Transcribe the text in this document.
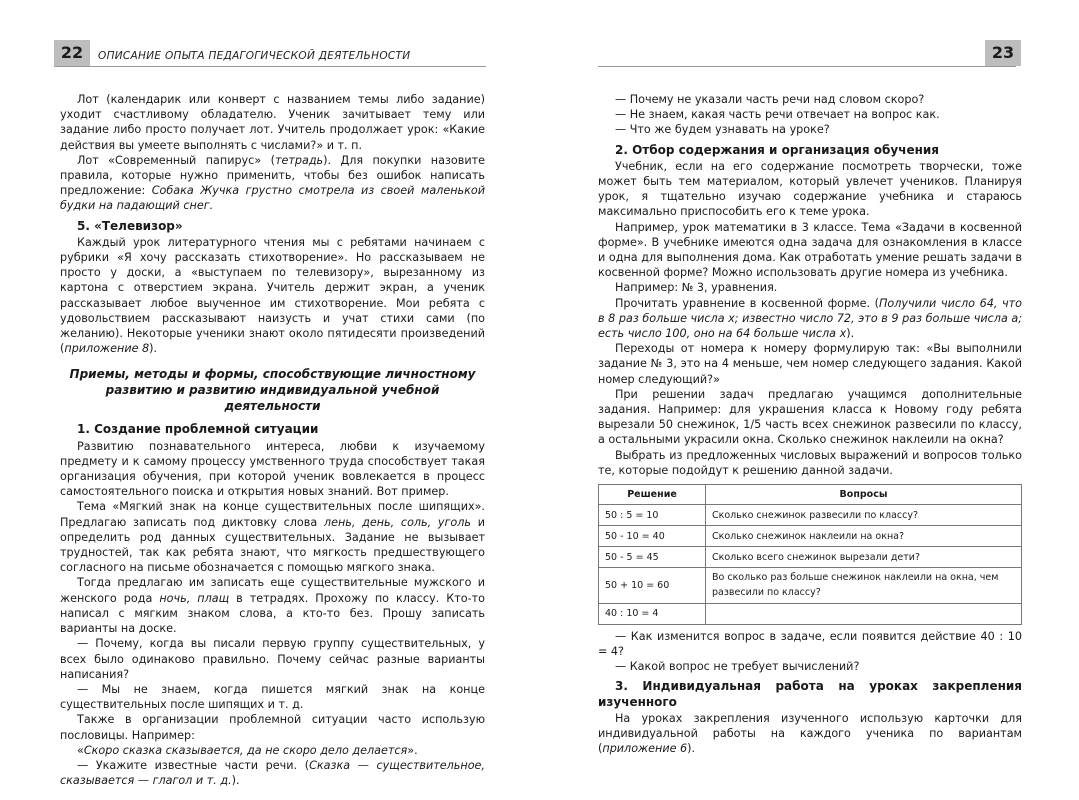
22	ОПИСАНИЕ ОПЫТА ПЕДАГОГИЧЕСКОЙ ДЕЯТЕЛЬНОСТИ

Лот (календарик или конверт с названием темы либо задание) уходит счастливому обладателю. Ученик зачитывает тему или задание либо просто получает лот. Учитель продолжает урок: «Какие действия вы умеете выполнять с числами?» и т. п.

Лот «Современный папирус» (тетрадь). Для покупки назовите правила, которые нужно применить, чтобы без ошибок написать предложение: Собака Жучка грустно смотрела из своей маленькой будки на падающий снег.

5. «Телевизор»

Каждый урок литературного чтения мы с ребятами начинаем с рубрики «Я хочу рассказать стихотворение». Но рассказываем не просто у доски, а «выступаем по телевизору», вырезанному из картона с отверстием экрана. Учитель держит экран, а ученик рассказывает любое выученное им стихотворение. Мои ребята с удовольствием рассказывают наизусть и учат стихи сами (по желанию). Некоторые ученики знают около пятидесяти произведений (приложение 8).

Приемы, методы и формы, способствующие личностному развитию и развитию индивидуальной учебной деятельности
1. Создание проблемной ситуации

Развитию познавательного интереса, любви к изучаемому предмету и к самому процессу умственного труда способствует такая организация обучения, при которой ученик вовлекается в процесс самостоятельного поиска и открытия новых знаний. Вот пример.

Тема «Мягкий знак на конце существительных после шипящих». Предлагаю записать под диктовку слова лень, день, соль, уголь и определить род данных существительных. Задание не вызывает трудностей, так как ребята знают, что мягкость предшествующего согласного на письме обозначается с помощью мягкого знака.

Тогда предлагаю им записать еще существительные мужского и женского рода ночь, плащ в тетрадях. Прохожу по классу. Кто-то написал с мягким знаком слова, а кто-то без. Прошу записать варианты на доске.

— Почему, когда вы писали первую группу существительных, у всех было одинаково правильно. Почему сейчас разные варианты написания?

— Мы не знаем, когда пишется мягкий знак на конце существительных после шипящих и т. д.

Также в организации проблемной ситуации часто использую пословицы. Например:

«Скоро сказка сказывается, да не скоро дело делается».

— Укажите известные части речи. (Сказка — существительное, сказывается — глагол и т. д.).

23

— Почему не указали часть речи над словом скоро?

— Не знаем, какая часть речи отвечает на вопрос как.

— Что же будем узнавать на уроке?

2. Отбор содержания и организация обучения

Учебник, если на его содержание посмотреть творчески, тоже может быть тем материалом, который увлечет учеников. Планируя урок, я тщательно изучаю содержание учебника и стараюсь максимально приспособить его к теме урока.

Например, урок математики в 3 классе. Тема «Задачи в косвенной форме». В учебнике имеются одна задача для ознакомления в классе и одна для выполнения дома. Как отработать умение решать задачи в косвенной форме? Можно использовать другие номера из учебника.

Например: № 3, уравнения.

Прочитать уравнение в косвенной форме. (Получили число 64, что в 8 раз больше числа х; известно число 72, это в 9 раз больше числа а; есть число 100, оно на 64 больше числа х).

Переходы от номера к номеру формулирую так: «Вы выполнили задание № 3, это на 4 меньше, чем номер следующего задания. Какой номер следующий?»

При решении задач предлагаю учащимся дополнительные задания. Например: для украшения класса к Новому году ребята вырезали 50 снежинок, 1/5 часть всех снежинок развесили по классу, а остальными украсили окна. Сколько снежинок наклеили на окна?

Выбрать из предложенных числовых выражений и вопросов только те, которые подойдут к решению данной задачи.

Решение	Вопросы
50 : 5 = 10	Сколько снежинок развесили по классу?
50 - 10 = 40	Сколько снежинок наклеили на окна?
50 - 5 = 45	Сколько всего снежинок вырезали дети?
50 + 10 = 60	Во сколько раз больше снежинок наклеили на окна, чем развесили по классу?
40 : 10 = 4	

— Как изменится вопрос в задаче, если появится действие 40 : 10 = 4?

— Какой вопрос не требует вычислений?

3. Индивидуальная работа на уроках закрепления изученного

На уроках закрепления изученного использую карточки для индивидуальной работы на каждого ученика по вариантам (приложение 6).
